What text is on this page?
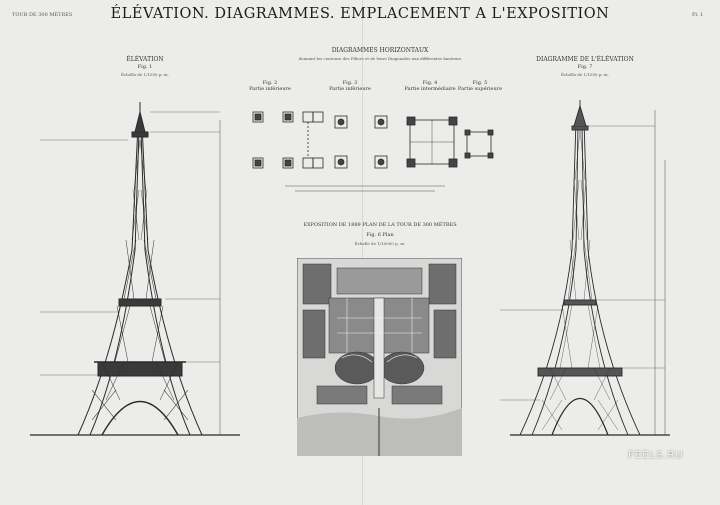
TOUR DE 300 MÈTRES	Pl. 1

ÉLÉVATION. DIAGRAMMES. EMPLACEMENT A L'EXPOSITION

ÉLÉVATION

Fig. 1

Échelle de 1/1000 p. m.

DIAGRAMMES HORIZONTAUX

donnant les contours des Piliers et de leurs Diagonales aux différentes hauteurs

Fig. 2

Partie inférieure

Fig. 3

Partie inférieure

Fig. 4

Partie intermédiaire

Fig. 5

Partie supérieure

EXPOSITION DE 1889 PLAN DE LA TOUR DE 300 MÈTRES

Fig. 6 Plan

Échelle de 1/10000 p. m.

DIAGRAMME DE L'ÉLÉVATION

Fig. 7

Échelle de 1/1000 p. m.

FEELS.RU
